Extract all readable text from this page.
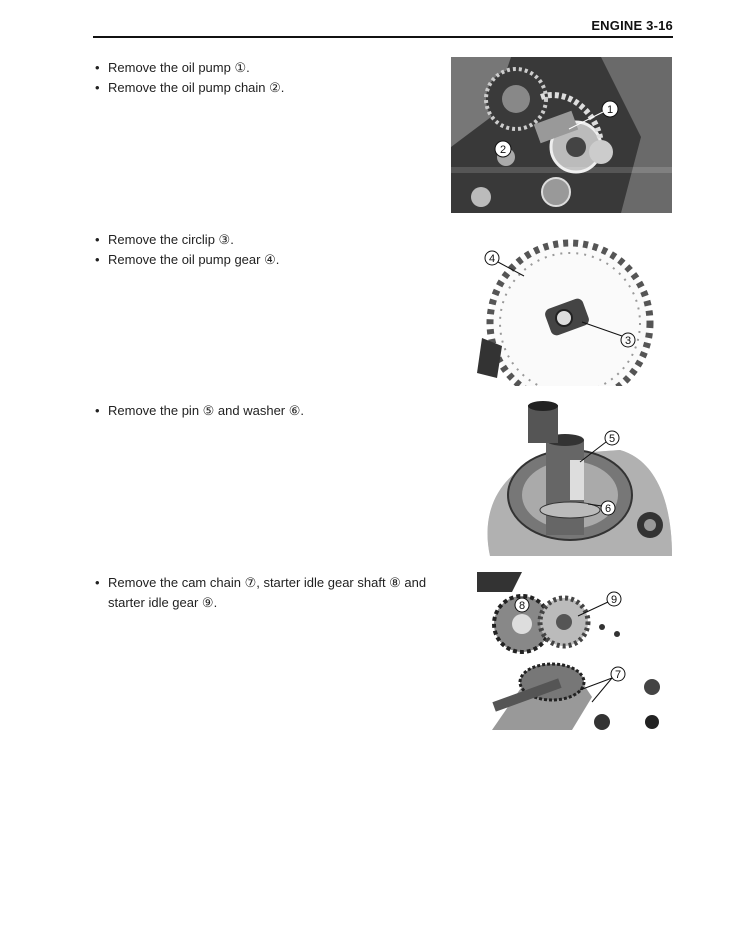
ENGINE 3-16
• Remove the oil pump ①.
• Remove the oil pump chain ②.
• Remove the circlip ③.
• Remove the oil pump gear ④.
• Remove the pin ⑤ and washer ⑥.
• Remove the cam chain ⑦, starter idle gear shaft ⑧ and starter idle gear ⑨.
1
2
4
3
5
6
8	9
7
